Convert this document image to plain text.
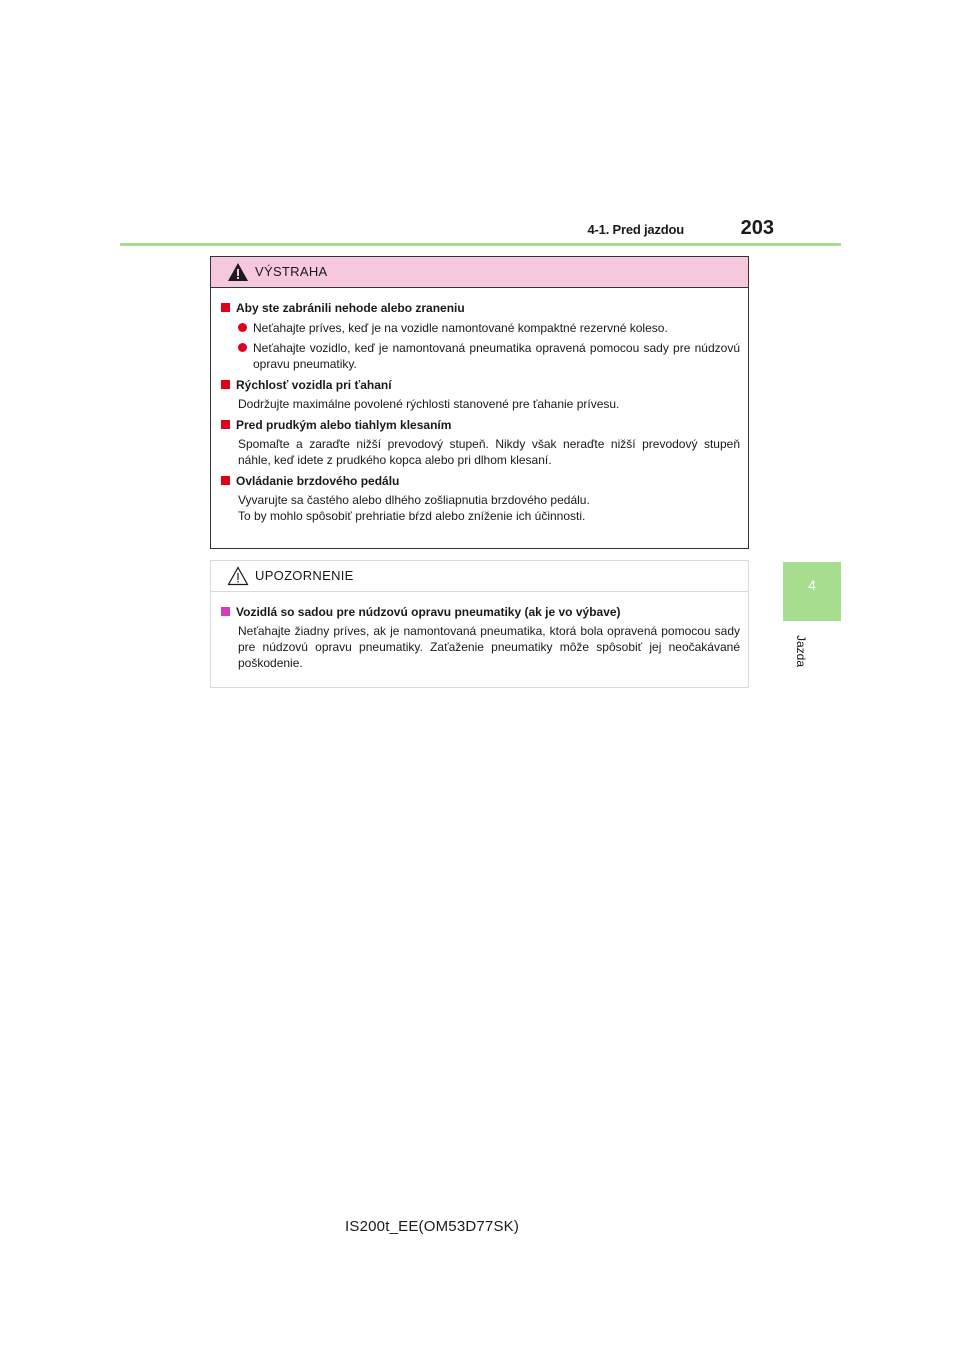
4-1. Pred jazdou	203
4
Jazda
VÝSTRAHA
Aby ste zabránili nehode alebo zraneniu
Neťahajte príves, keď je na vozidle namontované kompaktné rezervné koleso.
Neťahajte vozidlo, keď je namontovaná pneumatika opravená pomocou sady pre núdzovú opravu pneumatiky.
Rýchlosť vozidla pri ťahaní
Dodržujte maximálne povolené rýchlosti stanovené pre ťahanie prívesu.
Pred prudkým alebo tiahlym klesaním
Spomaľte a zaraďte nižší prevodový stupeň. Nikdy však neraďte nižší prevodový stupeň náhle, keď idete z prudkého kopca alebo pri dlhom klesaní.
Ovládanie brzdového pedálu
Vyvarujte sa častého alebo dlhého zošliapnutia brzdového pedálu.
To by mohlo spôsobiť prehriatie bŕzd alebo zníženie ich účinnosti.
UPOZORNENIE
Vozidlá so sadou pre núdzovú opravu pneumatiky (ak je vo výbave)
Neťahajte žiadny príves, ak je namontovaná pneumatika, ktorá bola opravená pomocou sady pre núdzovú opravu pneumatiky. Zaťaženie pneumatiky môže spôsobiť jej neočakávané poškodenie.
IS200t_EE(OM53D77SK)
